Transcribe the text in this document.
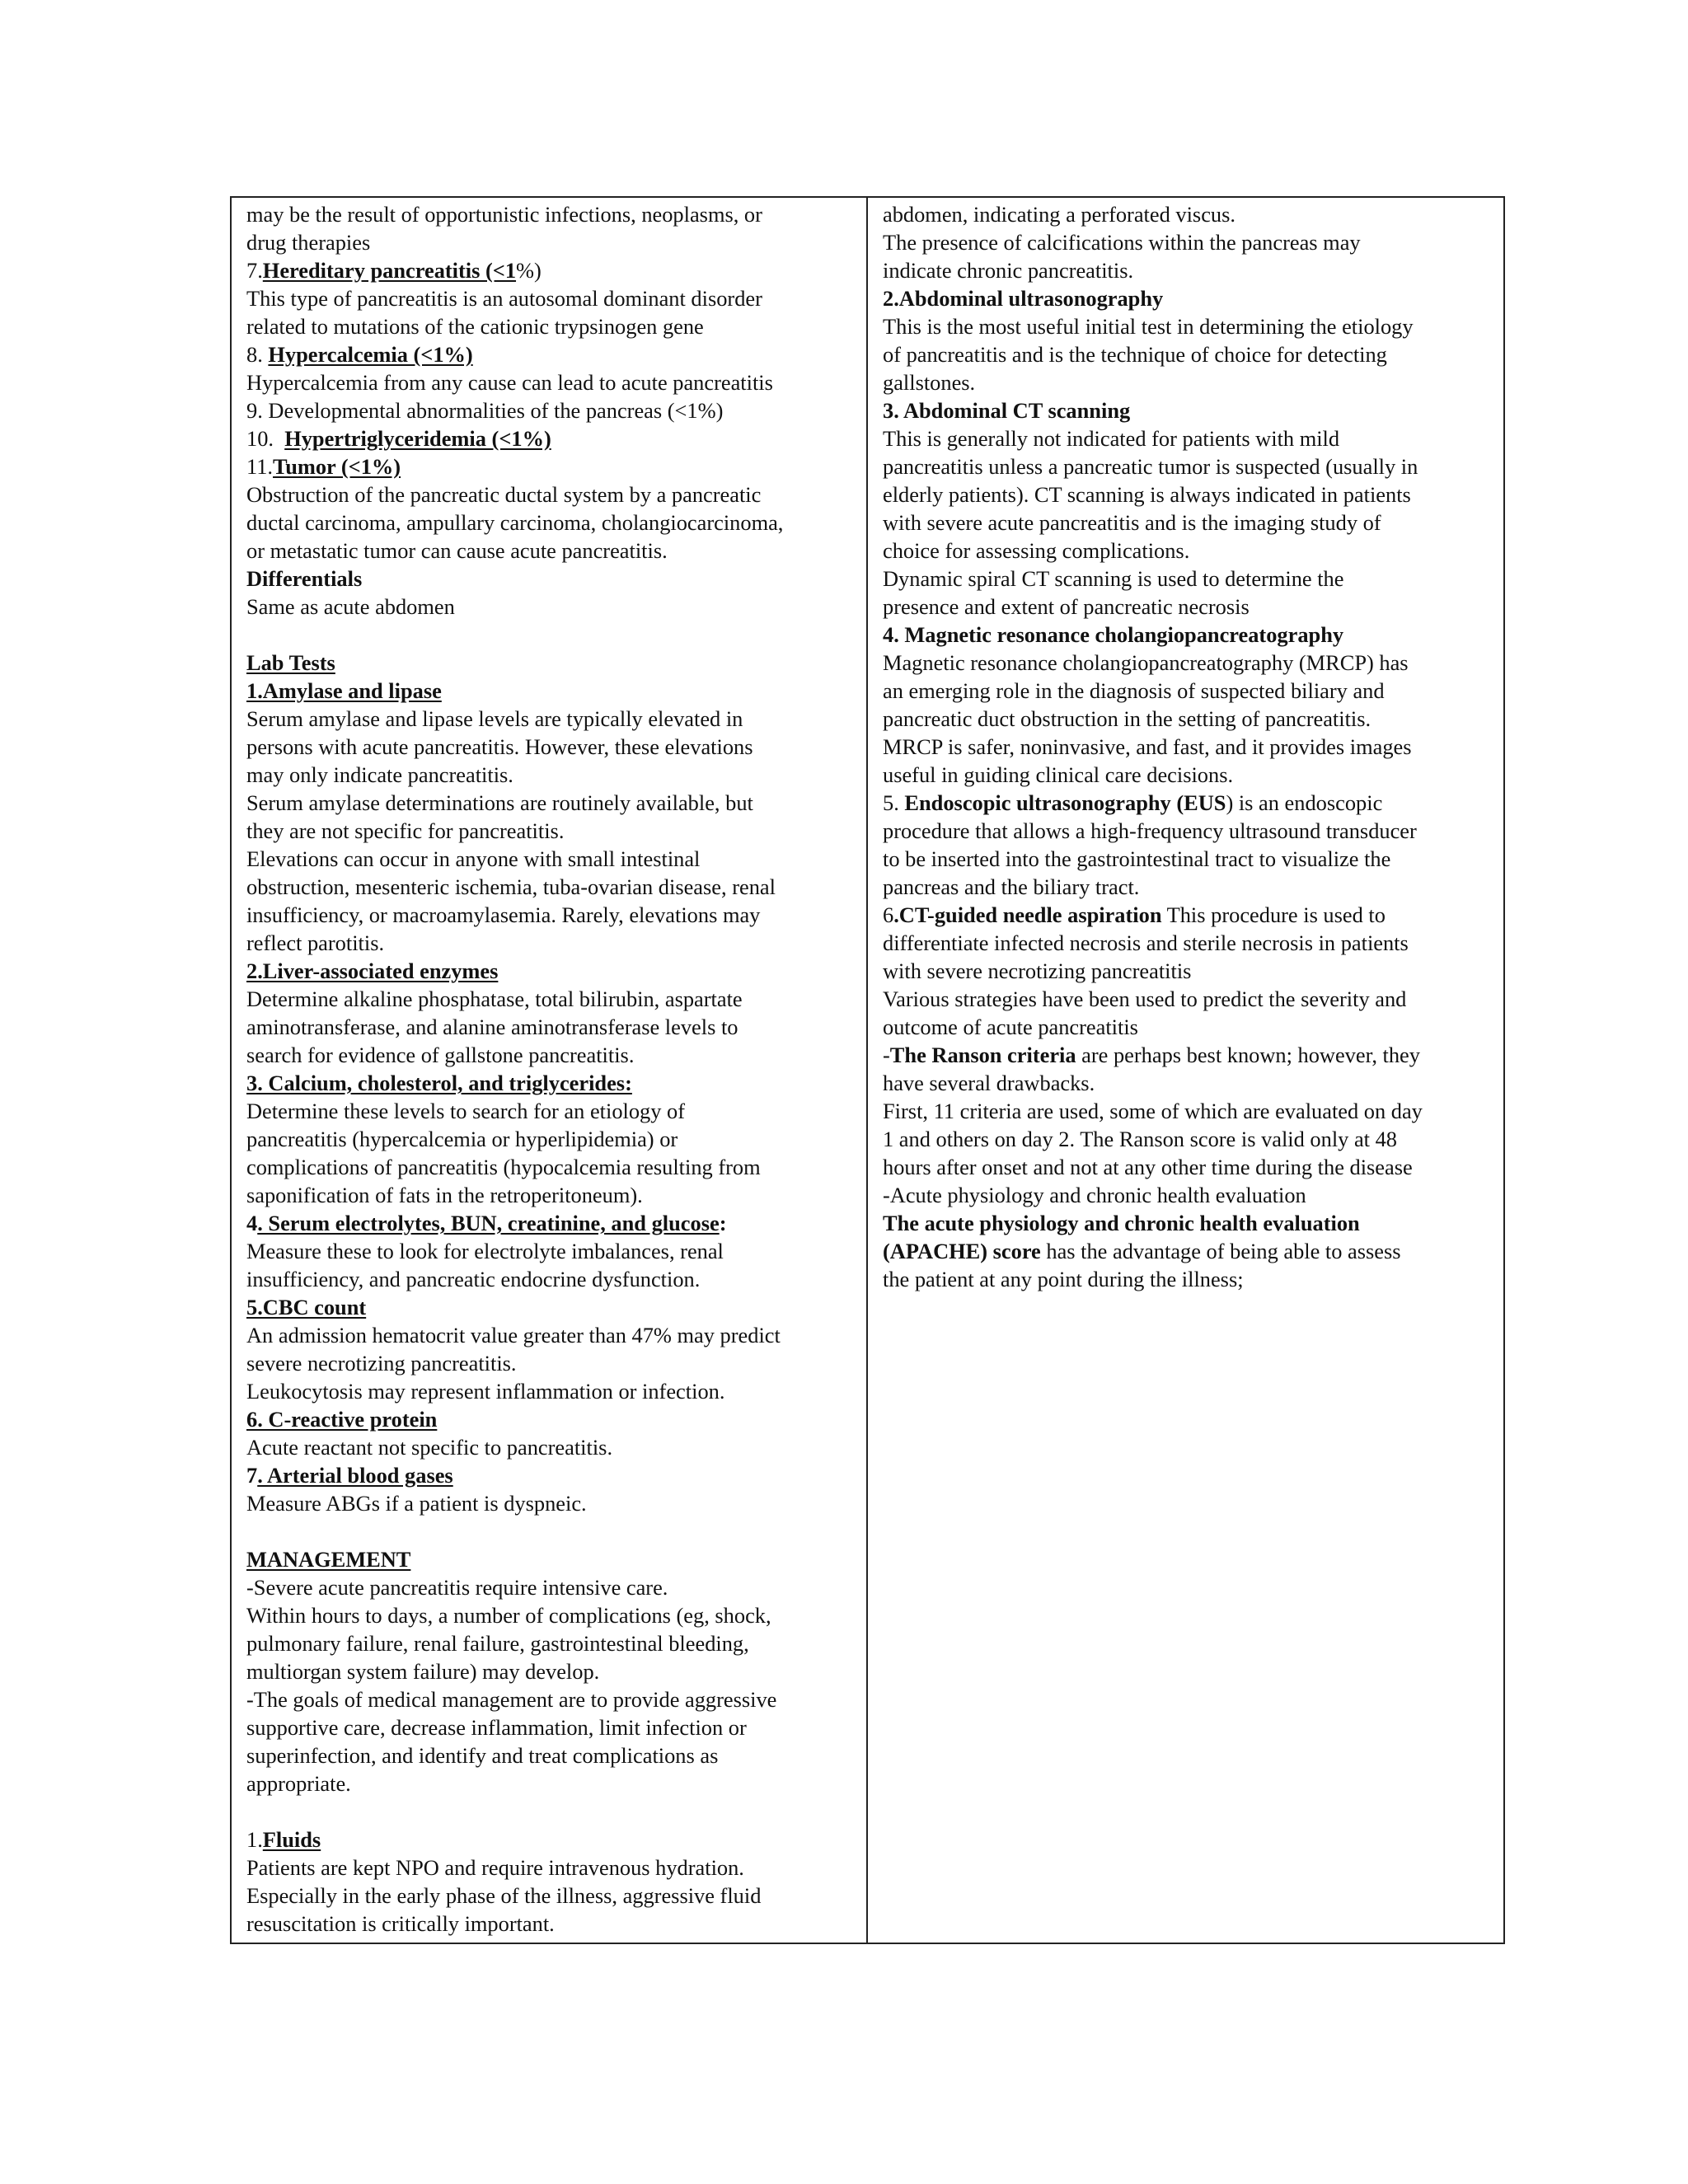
may be the result of opportunistic infections, neoplasms, or
drug therapies
7.Hereditary pancreatitis (<1%)
This type of pancreatitis is an autosomal dominant disorder
related to mutations of the cationic trypsinogen gene
8. Hypercalcemia (<1%)
Hypercalcemia from any cause can lead to acute pancreatitis
9. Developmental abnormalities of the pancreas (<1%)
10.  Hypertriglyceridemia (<1%)
11.Tumor (<1%)
Obstruction of the pancreatic ductal system by a pancreatic
ductal carcinoma, ampullary carcinoma, cholangiocarcinoma,
or metastatic tumor can cause acute pancreatitis.
Differentials
Same as acute abdomen
Lab Tests
1.Amylase and lipase
Serum amylase and lipase levels are typically elevated in
persons with acute pancreatitis. However, these elevations
may only indicate pancreatitis.
Serum amylase determinations are routinely available, but
they are not specific for pancreatitis.
Elevations can occur in anyone with small intestinal
obstruction, mesenteric ischemia, tuba-ovarian disease, renal
insufficiency, or macroamylasemia. Rarely, elevations may
reflect parotitis.
2.Liver-associated enzymes
Determine alkaline phosphatase, total bilirubin, aspartate
aminotransferase, and alanine aminotransferase levels to
search for evidence of gallstone pancreatitis.
3. Calcium, cholesterol, and triglycerides:
Determine these levels to search for an etiology of
pancreatitis (hypercalcemia or hyperlipidemia) or
complications of pancreatitis (hypocalcemia resulting from
saponification of fats in the retroperitoneum).
4. Serum electrolytes, BUN, creatinine, and glucose:
Measure these to look for electrolyte imbalances, renal
insufficiency, and pancreatic endocrine dysfunction.
5.CBC count
An admission hematocrit value greater than 47% may predict
severe necrotizing pancreatitis.
Leukocytosis may represent inflammation or infection.
6. C-reactive protein
Acute reactant not specific to pancreatitis.
7. Arterial blood gases
Measure ABGs if a patient is dyspneic.
MANAGEMENT
-Severe acute pancreatitis require intensive care.
Within hours to days, a number of complications (eg, shock,
pulmonary failure, renal failure, gastrointestinal bleeding,
multiorgan system failure) may develop.
-The goals of medical management are to provide aggressive
supportive care, decrease inflammation, limit infection or
superinfection, and identify and treat complications as
appropriate.
1.Fluids
Patients are kept NPO and require intravenous hydration.
Especially in the early phase of the illness, aggressive fluid
resuscitation is critically important.
abdomen, indicating a perforated viscus.
The presence of calcifications within the pancreas may
indicate chronic pancreatitis.
2.Abdominal ultrasonography
This is the most useful initial test in determining the etiology
of pancreatitis and is the technique of choice for detecting
gallstones.
3. Abdominal CT scanning
This is generally not indicated for patients with mild
pancreatitis unless a pancreatic tumor is suspected (usually in
elderly patients). CT scanning is always indicated in patients
with severe acute pancreatitis and is the imaging study of
choice for assessing complications.
Dynamic spiral CT scanning is used to determine the
presence and extent of pancreatic necrosis
4. Magnetic resonance cholangiopancreatography
Magnetic resonance cholangiopancreatography (MRCP) has
an emerging role in the diagnosis of suspected biliary and
pancreatic duct obstruction in the setting of pancreatitis.
MRCP is safer, noninvasive, and fast, and it provides images
useful in guiding clinical care decisions.
5. Endoscopic ultrasonography (EUS) is an endoscopic
procedure that allows a high-frequency ultrasound transducer
to be inserted into the gastrointestinal tract to visualize the
pancreas and the biliary tract.
6.CT-guided needle aspiration This procedure is used to
differentiate infected necrosis and sterile necrosis in patients
with severe necrotizing pancreatitis
Various strategies have been used to predict the severity and
outcome of acute pancreatitis
-The Ranson criteria are perhaps best known; however, they
have several drawbacks.
First, 11 criteria are used, some of which are evaluated on day
1 and others on day 2. The Ranson score is valid only at 48
hours after onset and not at any other time during the disease
-Acute physiology and chronic health evaluation
The acute physiology and chronic health evaluation
(APACHE) score has the advantage of being able to assess
the patient at any point during the illness;
